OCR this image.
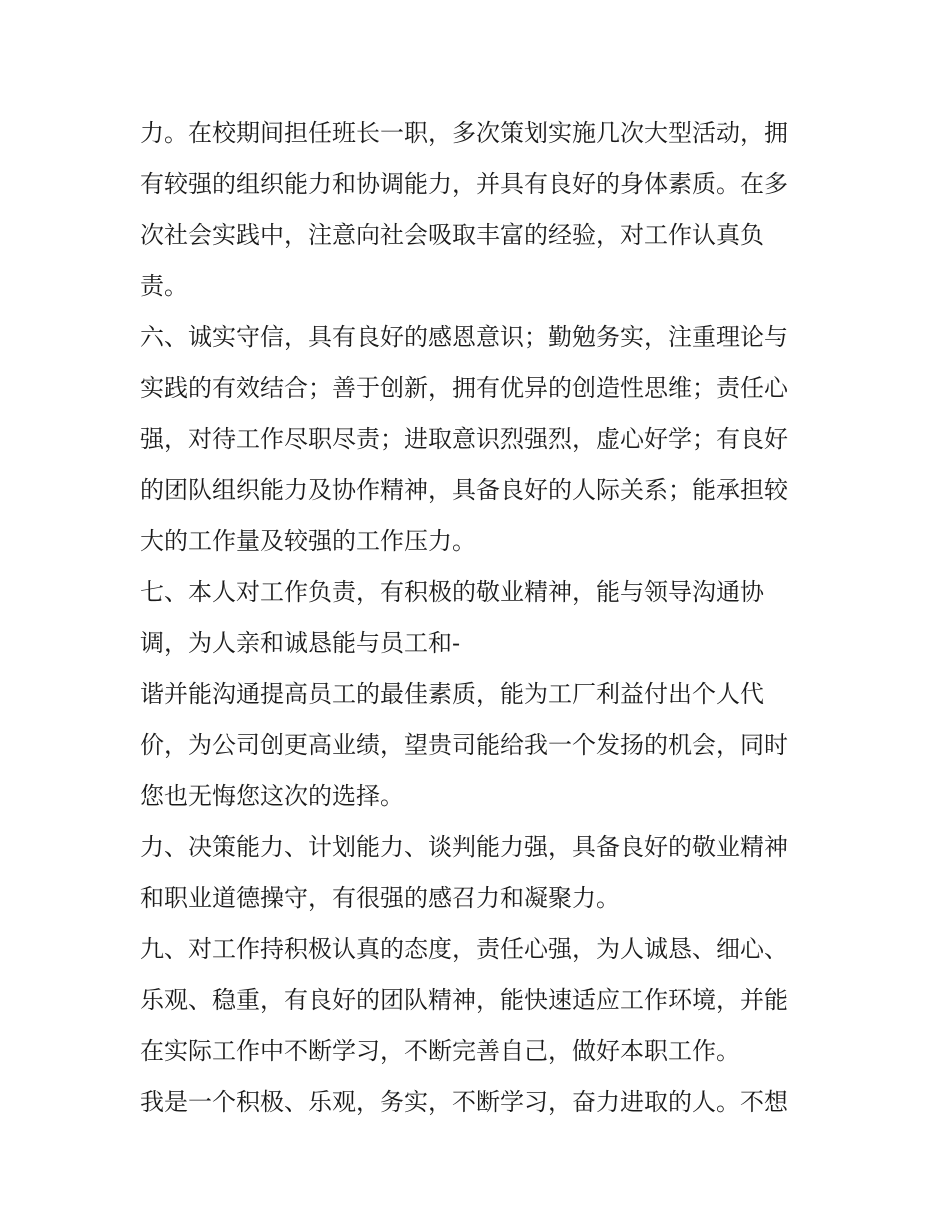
力。在校期间担任班长一职，多次策划实施几次大型活动，拥
有较强的组织能力和协调能力，并具有良好的身体素质。在多
次社会实践中，注意向社会吸取丰富的经验，对工作认真负
责。
六、诚实守信，具有良好的感恩意识；勤勉务实，注重理论与
实践的有效结合；善于创新，拥有优异的创造性思维；责任心
强，对待工作尽职尽责；进取意识烈强烈，虚心好学；有良好
的团队组织能力及协作精神，具备良好的人际关系；能承担较
大的工作量及较强的工作压力。
七、本人对工作负责，有积极的敬业精神，能与领导沟通协
调，为人亲和诚恳能与员工和-
谐并能沟通提高员工的最佳素质，能为工厂利益付出个人代
价，为公司创更高业绩，望贵司能给我一个发扬的机会，同时
您也无悔您这次的选择。
力、决策能力、计划能力、谈判能力强，具备良好的敬业精神
和职业道德操守，有很强的感召力和凝聚力。
九、对工作持积极认真的态度，责任心强，为人诚恳、细心、
乐观、稳重，有良好的团队精神，能快速适应工作环境，并能
在实际工作中不断学习，不断完善自己，做好本职工作。
我是一个积极、乐观，务实，不断学习，奋力进取的人。不想
